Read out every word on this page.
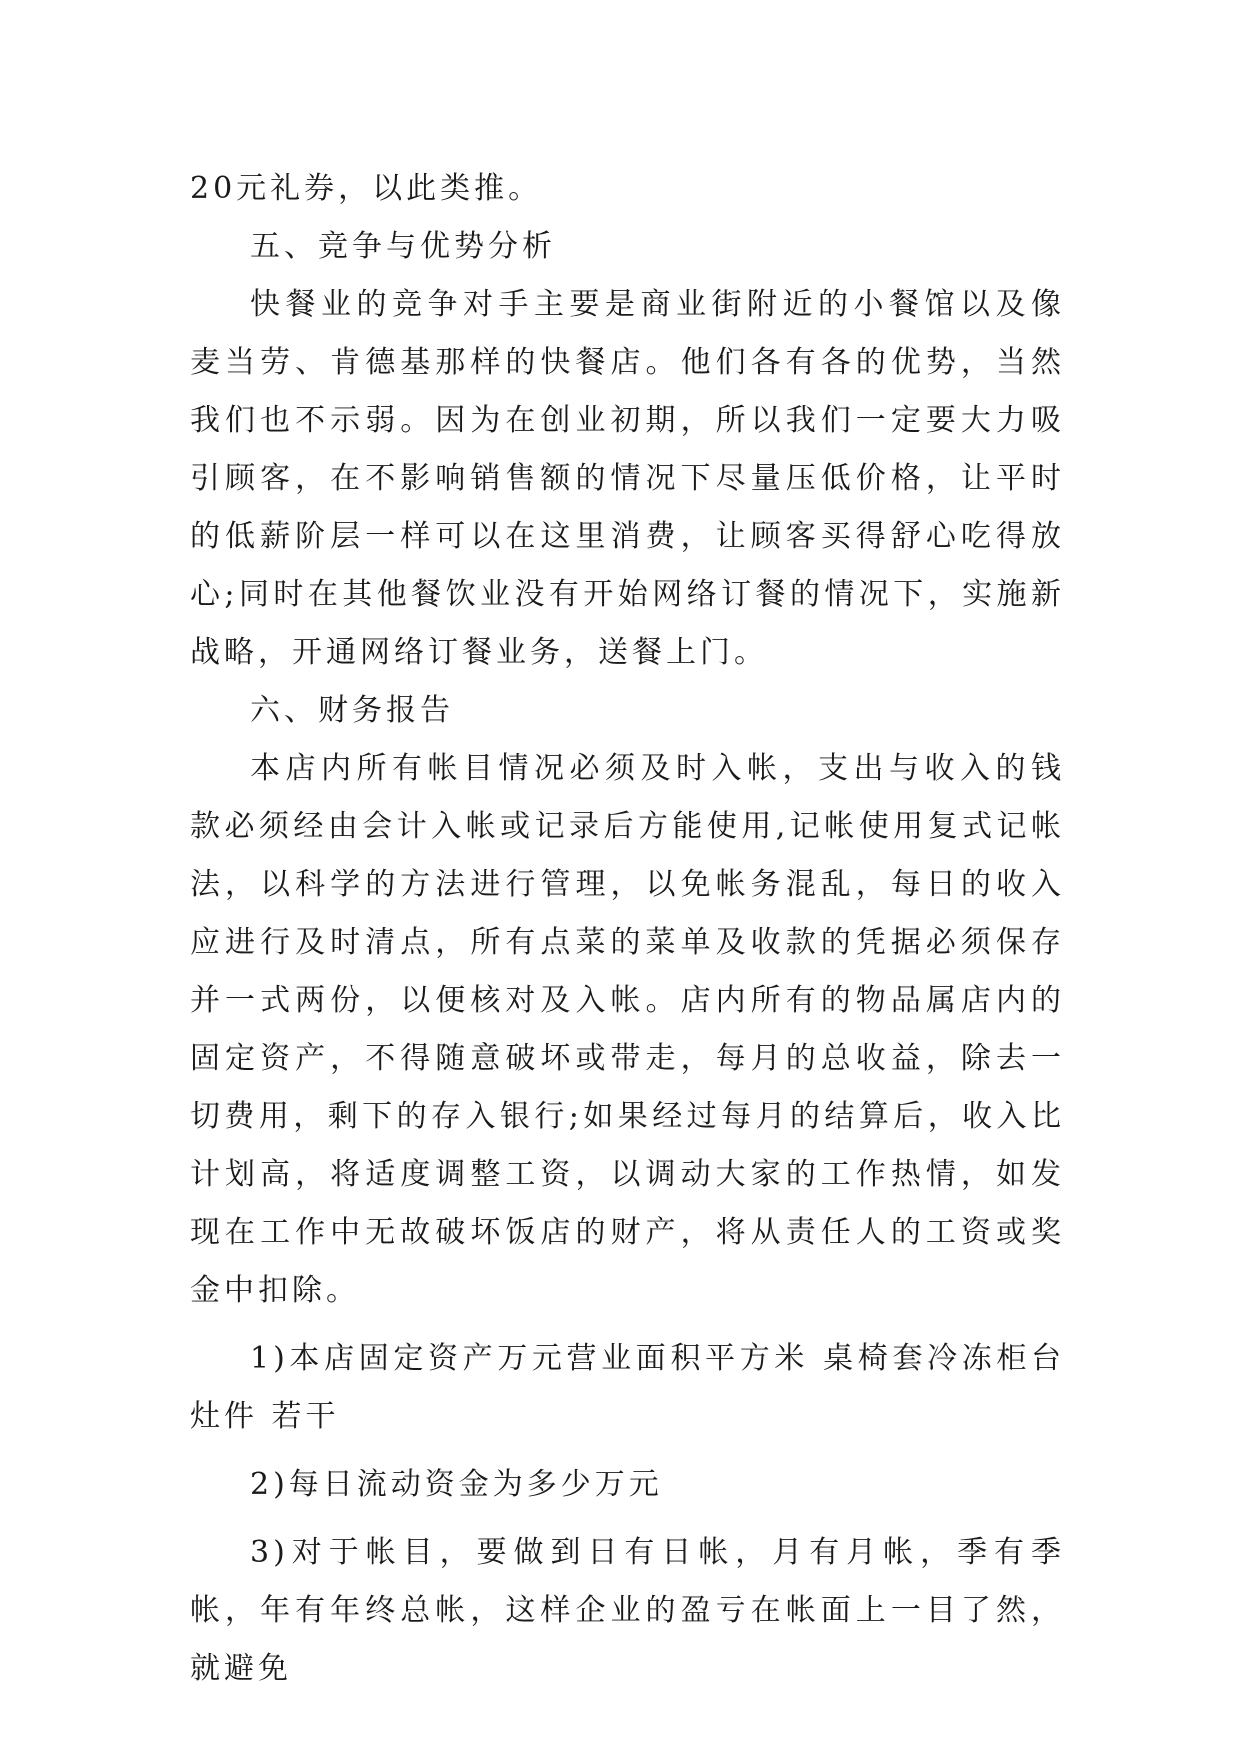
20元礼券，以此类推。

五、竞争与优势分析

快餐业的竞争对手主要是商业街附近的小餐馆以及像麦当劳、肯德基那样的快餐店。他们各有各的优势，当然我们也不示弱。因为在创业初期，所以我们一定要大力吸引顾客，在不影响销售额的情况下尽量压低价格，让平时的低薪阶层一样可以在这里消费，让顾客买得舒心吃得放心;同时在其他餐饮业没有开始网络订餐的情况下，实施新战略，开通网络订餐业务，送餐上门。

六、财务报告

本店内所有帐目情况必须及时入帐，支出与收入的钱款必须经由会计入帐或记录后方能使用,记帐使用复式记帐法，以科学的方法进行管理，以免帐务混乱，每日的收入应进行及时清点，所有点菜的菜单及收款的凭据必须保存并一式两份，以便核对及入帐。店内所有的物品属店内的固定资产，不得随意破坏或带走，每月的总收益，除去一切费用，剩下的存入银行;如果经过每月的结算后，收入比计划高，将适度调整工资，以调动大家的工作热情，如发现在工作中无故破坏饭店的财产，将从责任人的工资或奖金中扣除。

1)本店固定资产万元营业面积平方米 桌椅套冷冻柜台灶件 若干

2)每日流动资金为多少万元

3)对于帐目，要做到日有日帐，月有月帐，季有季帐，年有年终总帐，这样企业的盈亏在帐面上一目了然，就避免
